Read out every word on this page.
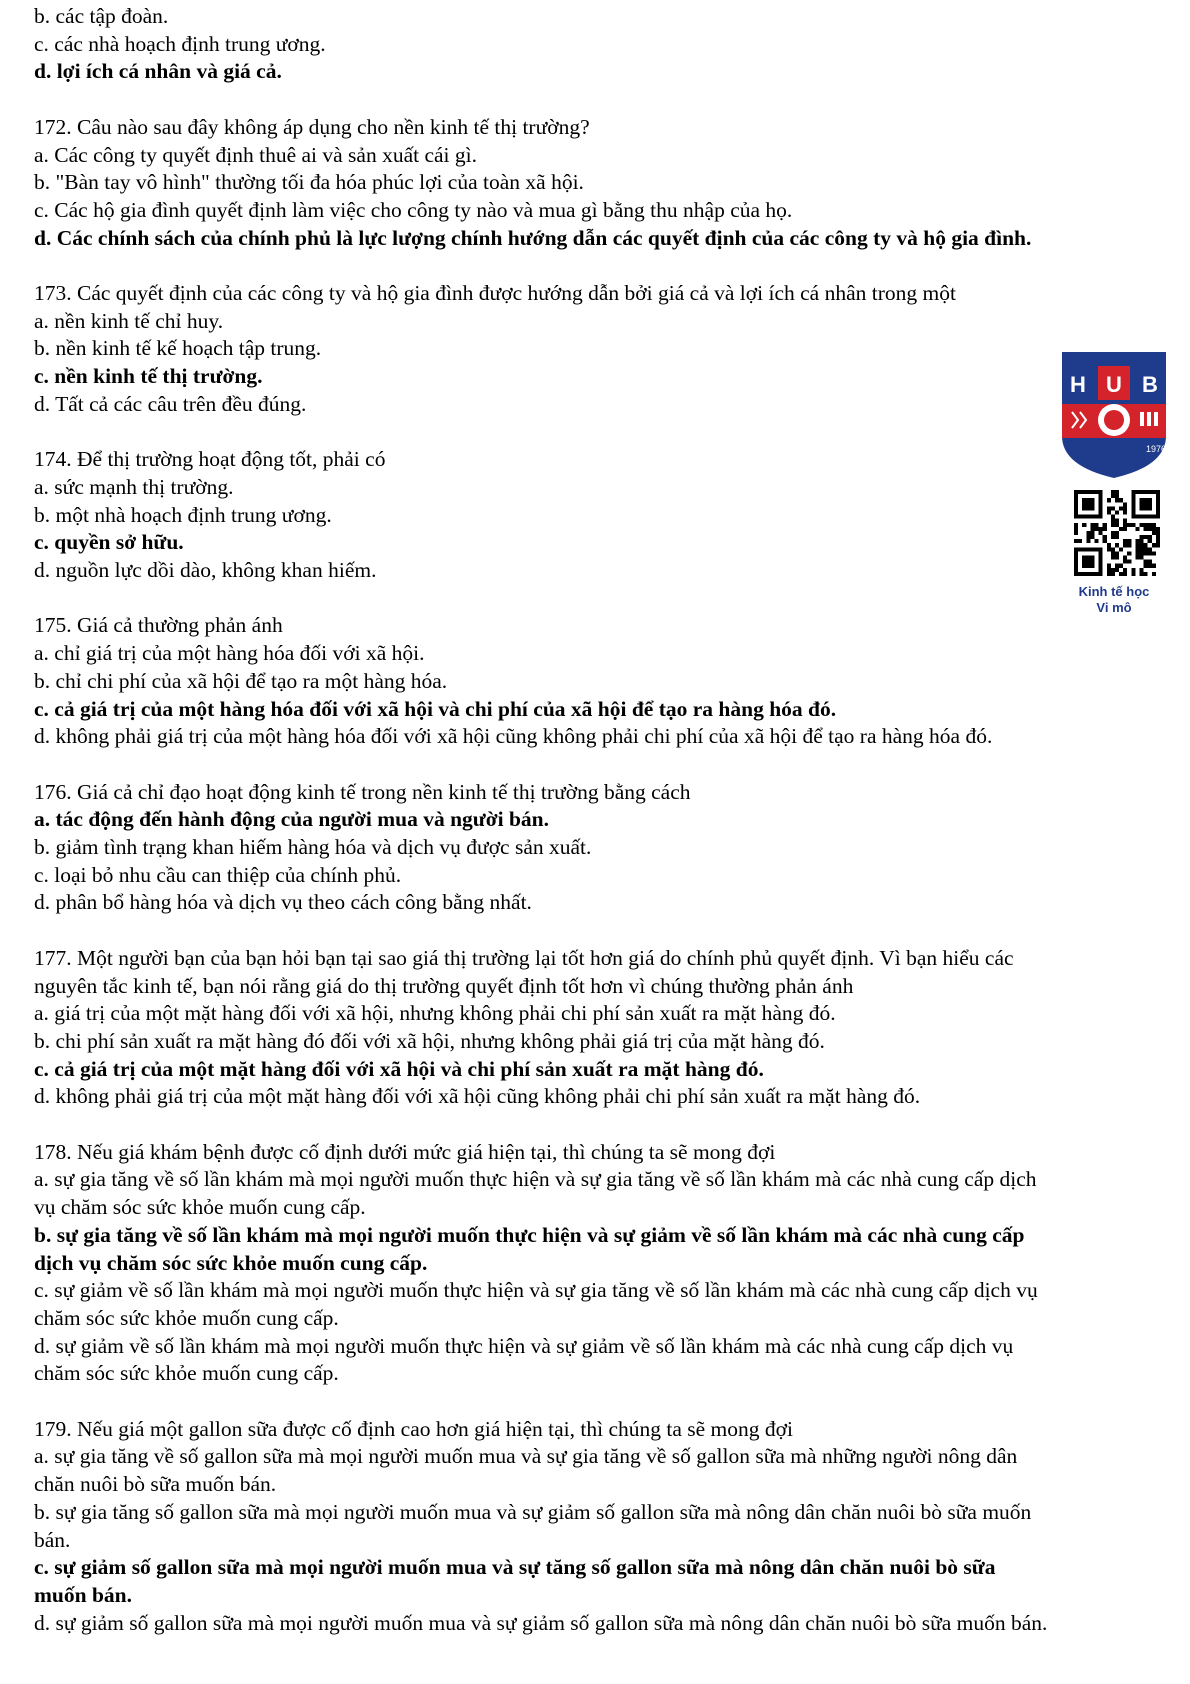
b. các tập đoàn.
c. các nhà hoạch định trung ương.
d. lợi ích cá nhân và giá cả.
172. Câu nào sau đây không áp dụng cho nền kinh tế thị trường?
a. Các công ty quyết định thuê ai và sản xuất cái gì.
b. "Bàn tay vô hình" thường tối đa hóa phúc lợi của toàn xã hội.
c. Các hộ gia đình quyết định làm việc cho công ty nào và mua gì bằng thu nhập của họ.
d. Các chính sách của chính phủ là lực lượng chính hướng dẫn các quyết định của các công ty và hộ gia đình.
173. Các quyết định của các công ty và hộ gia đình được hướng dẫn bởi giá cả và lợi ích cá nhân trong một
a. nền kinh tế chỉ huy.
b. nền kinh tế kế hoạch tập trung.
c. nền kinh tế thị trường.
d. Tất cả các câu trên đều đúng.
174. Để thị trường hoạt động tốt, phải có
a. sức mạnh thị trường.
b. một nhà hoạch định trung ương.
c. quyền sở hữu.
d. nguồn lực dồi dào, không khan hiếm.
175. Giá cả thường phản ánh
a. chỉ giá trị của một hàng hóa đối với xã hội.
b. chỉ chi phí của xã hội để tạo ra một hàng hóa.
c. cả giá trị của một hàng hóa đối với xã hội và chi phí của xã hội để tạo ra hàng hóa đó.
d. không phải giá trị của một hàng hóa đối với xã hội cũng không phải chi phí của xã hội để tạo ra hàng hóa đó.
176. Giá cả chỉ đạo hoạt động kinh tế trong nền kinh tế thị trường bằng cách
a. tác động đến hành động của người mua và người bán.
b. giảm tình trạng khan hiếm hàng hóa và dịch vụ được sản xuất.
c. loại bỏ nhu cầu can thiệp của chính phủ.
d. phân bổ hàng hóa và dịch vụ theo cách công bằng nhất.
177. Một người bạn của bạn hỏi bạn tại sao giá thị trường lại tốt hơn giá do chính phủ quyết định. Vì bạn hiểu các
nguyên tắc kinh tế, bạn nói rằng giá do thị trường quyết định tốt hơn vì chúng thường phản ánh
a. giá trị của một mặt hàng đối với xã hội, nhưng không phải chi phí sản xuất ra mặt hàng đó.
b. chi phí sản xuất ra mặt hàng đó đối với xã hội, nhưng không phải giá trị của mặt hàng đó.
c. cả giá trị của một mặt hàng đối với xã hội và chi phí sản xuất ra mặt hàng đó.
d. không phải giá trị của một mặt hàng đối với xã hội cũng không phải chi phí sản xuất ra mặt hàng đó.
178. Nếu giá khám bệnh được cố định dưới mức giá hiện tại, thì chúng ta sẽ mong đợi
a. sự gia tăng về số lần khám mà mọi người muốn thực hiện và sự gia tăng về số lần khám mà các nhà cung cấp dịch
vụ chăm sóc sức khỏe muốn cung cấp.
b. sự gia tăng về số lần khám mà mọi người muốn thực hiện và sự giảm về số lần khám mà các nhà cung cấp
dịch vụ chăm sóc sức khỏe muốn cung cấp.
c. sự giảm về số lần khám mà mọi người muốn thực hiện và sự gia tăng về số lần khám mà các nhà cung cấp dịch vụ
chăm sóc sức khỏe muốn cung cấp.
d. sự giảm về số lần khám mà mọi người muốn thực hiện và sự giảm về số lần khám mà các nhà cung cấp dịch vụ
chăm sóc sức khỏe muốn cung cấp.
179. Nếu giá một gallon sữa được cố định cao hơn giá hiện tại, thì chúng ta sẽ mong đợi
a. sự gia tăng về số gallon sữa mà mọi người muốn mua và sự gia tăng về số gallon sữa mà những người nông dân
chăn nuôi bò sữa muốn bán.
b. sự gia tăng số gallon sữa mà mọi người muốn mua và sự giảm số gallon sữa mà nông dân chăn nuôi bò sữa muốn
bán.
c. sự giảm số gallon sữa mà mọi người muốn mua và sự tăng số gallon sữa mà nông dân chăn nuôi bò sữa
muốn bán.
d. sự giảm số gallon sữa mà mọi người muốn mua và sự giảm số gallon sữa mà nông dân chăn nuôi bò sữa muốn bán.
H U B
1976
Kinh tế học
Vi mô
